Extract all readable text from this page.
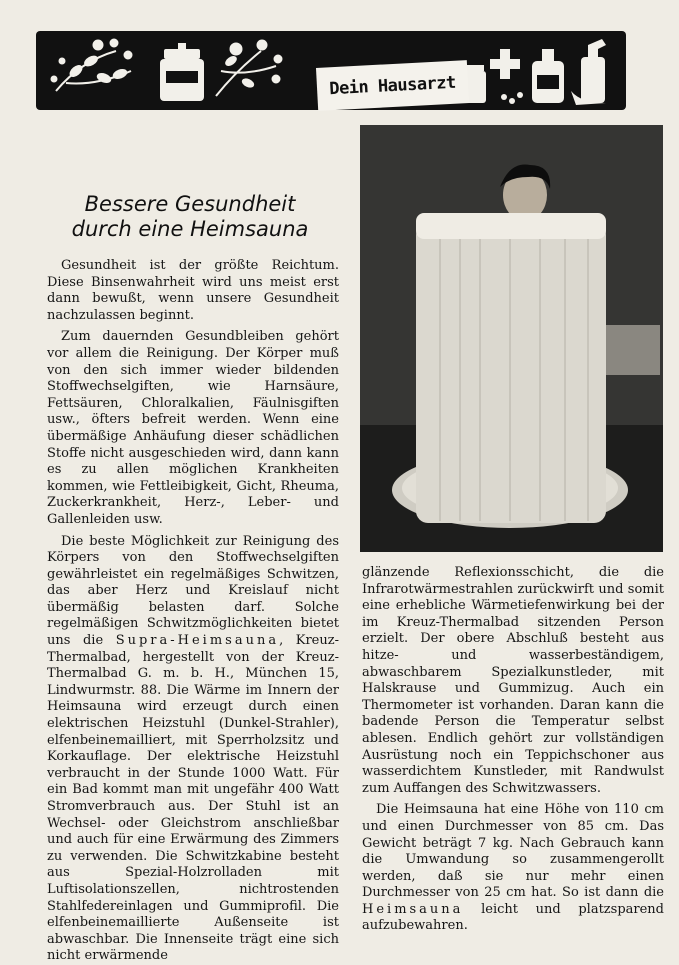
Dein Hausarzt
Bessere Gesundheit
durch eine Heimsauna

Gesundheit ist der größte Reichtum. Diese Binsenwahrheit wird uns meist erst dann bewußt, wenn unsere Gesundheit nachzulassen beginnt.

Zum dauernden Gesundbleiben gehört vor allem die Reinigung. Der Körper muß von den sich immer wieder bildenden Stoffwechselgiften, wie Harnsäure, Fettsäuren, Chloralkalien, Fäulnisgiften usw., öfters befreit werden. Wenn eine übermäßige Anhäufung dieser schädlichen Stoffe nicht ausgeschieden wird, dann kann es zu allen möglichen Krankheiten kommen, wie Fettleibigkeit, Gicht, Rheuma, Zuckerkrankheit, Herz-, Leber- und Gallenleiden usw.

Die beste Möglichkeit zur Reinigung des Körpers von den Stoffwechselgiften gewährleistet ein regelmäßiges Schwitzen, das aber Herz und Kreislauf nicht übermäßig belasten darf. Solche regelmäßigen Schwitzmöglichkeiten bietet uns die Supra-Heimsauna, Kreuz-Thermalbad, hergestellt von der Kreuz-Thermalbad G. m. b. H., München 15, Lindwurmstr. 88. Die Wärme im Innern der Heimsauna wird erzeugt durch einen elektrischen Heizstuhl (Dunkel-Strahler), elfenbeinemailliert, mit Sperrholzsitz und Korkauflage. Der elektrische Heizstuhl verbraucht in der Stunde 1000 Watt. Für ein Bad kommt man mit ungefähr 400 Watt Stromverbrauch aus. Der Stuhl ist an Wechsel- oder Gleichstrom anschließbar und auch für eine Erwärmung des Zimmers zu verwenden. Die Schwitzkabine besteht aus Spezial-Holzrolladen mit Luftisolationszellen, nichtrostenden Stahlfedereinlagen und Gummiprofil. Die elfenbeinemaillierte Außenseite ist abwaschbar. Die Innenseite trägt eine sich nicht erwärmende

glänzende Reflexionsschicht, die die Infrarotwärmestrahlen zurückwirft und somit eine erhebliche Wärmetiefenwirkung bei der im Kreuz-Thermalbad sitzenden Person erzielt. Der obere Abschluß besteht aus hitze- und wasserbeständigem, abwaschbarem Spezialkunstleder, mit Halskrause und Gummizug. Auch ein Thermometer ist vorhanden. Daran kann die badende Person die Temperatur selbst ablesen. Endlich gehört zur vollständigen Ausrüstung noch ein Teppichschoner aus wasserdichtem Kunstleder, mit Randwulst zum Auffangen des Schwitzwassers.

Die Heimsauna hat eine Höhe von 110 cm und einen Durchmesser von 85 cm. Das Gewicht beträgt 7 kg. Nach Gebrauch kann die Umwandung so zusammengerollt werden, daß sie nur mehr einen Durchmesser von 25 cm hat. So ist dann die Heimsauna leicht und platzsparend aufzubewahren.
